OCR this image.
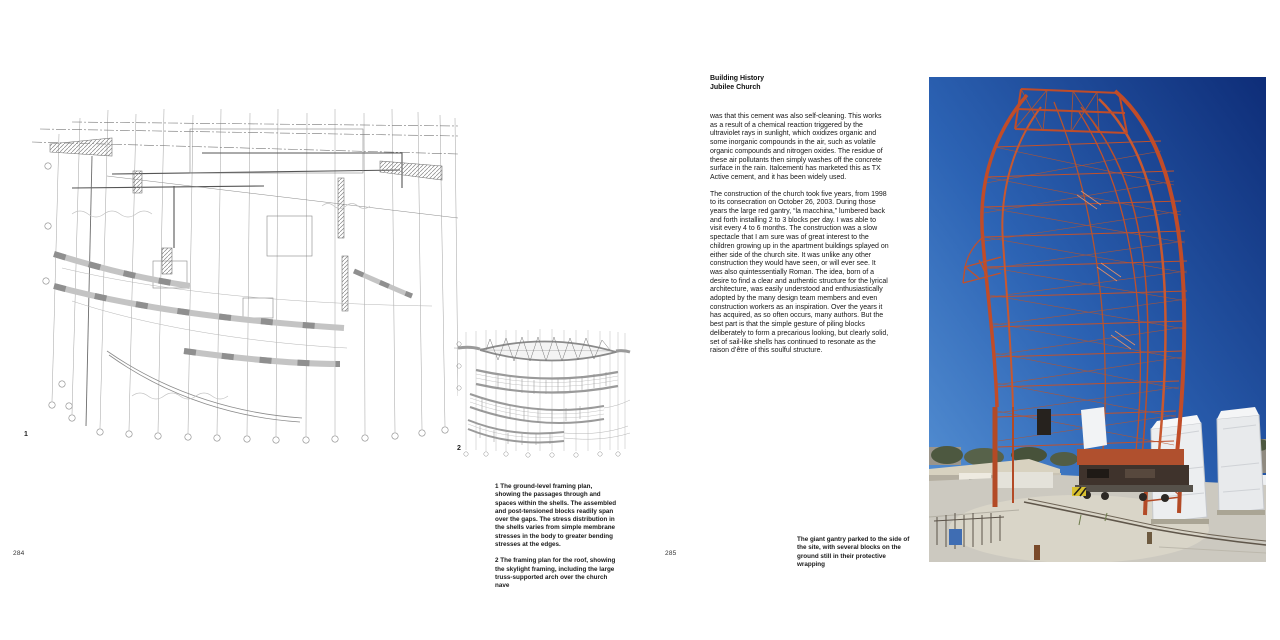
1
2

1 The ground-level framing plan, showing the passages through and spaces within the shells. The assembled and post-tensioned blocks readily span over the gaps. The stress distribution in the shells varies from simple membrane stresses in the body to greater bending stresses at the edges.

2 The framing plan for the roof, showing the skylight framing, including the large truss-supported arch over the church nave

284
Building History
Jubilee Church

was that this cement was also self-cleaning. This works as a result of a chemical reaction triggered by the ultraviolet rays in sunlight, which oxidizes organic and some inorganic compounds in the air, such as volatile organic compounds and nitrogen oxides. The residue of these air pollutants then simply washes off the concrete surface in the rain. Italcementi has marketed this as TX Active cement, and it has been widely used.

The construction of the church took five years, from 1998 to its consecration on October 26, 2003. During those years the large red gantry, “la macchina,” lumbered back and forth installing 2 to 3 blocks per day. I was able to visit every 4 to 6 months. The construction was a slow spectacle that I am sure was of great interest to the children growing up in the apartment buildings splayed on either side of the church site. It was unlike any other construction they would have seen, or will ever see. It was also quintessentially Roman. The idea, born of a desire to find a clear and authentic structure for the lyrical architecture, was easily understood and enthusiastically adopted by the many design team members and even construction workers as an inspiration. Over the years it has acquired, as so often occurs, many authors. But the best part is that the simple gesture of piling blocks deliberately to form a precarious looking, but clearly solid, set of sail-like shells has continued to resonate as the raison d’être of this soulful structure.

285
The giant gantry parked to the side of the site, with several blocks on the ground still in their protective wrapping
